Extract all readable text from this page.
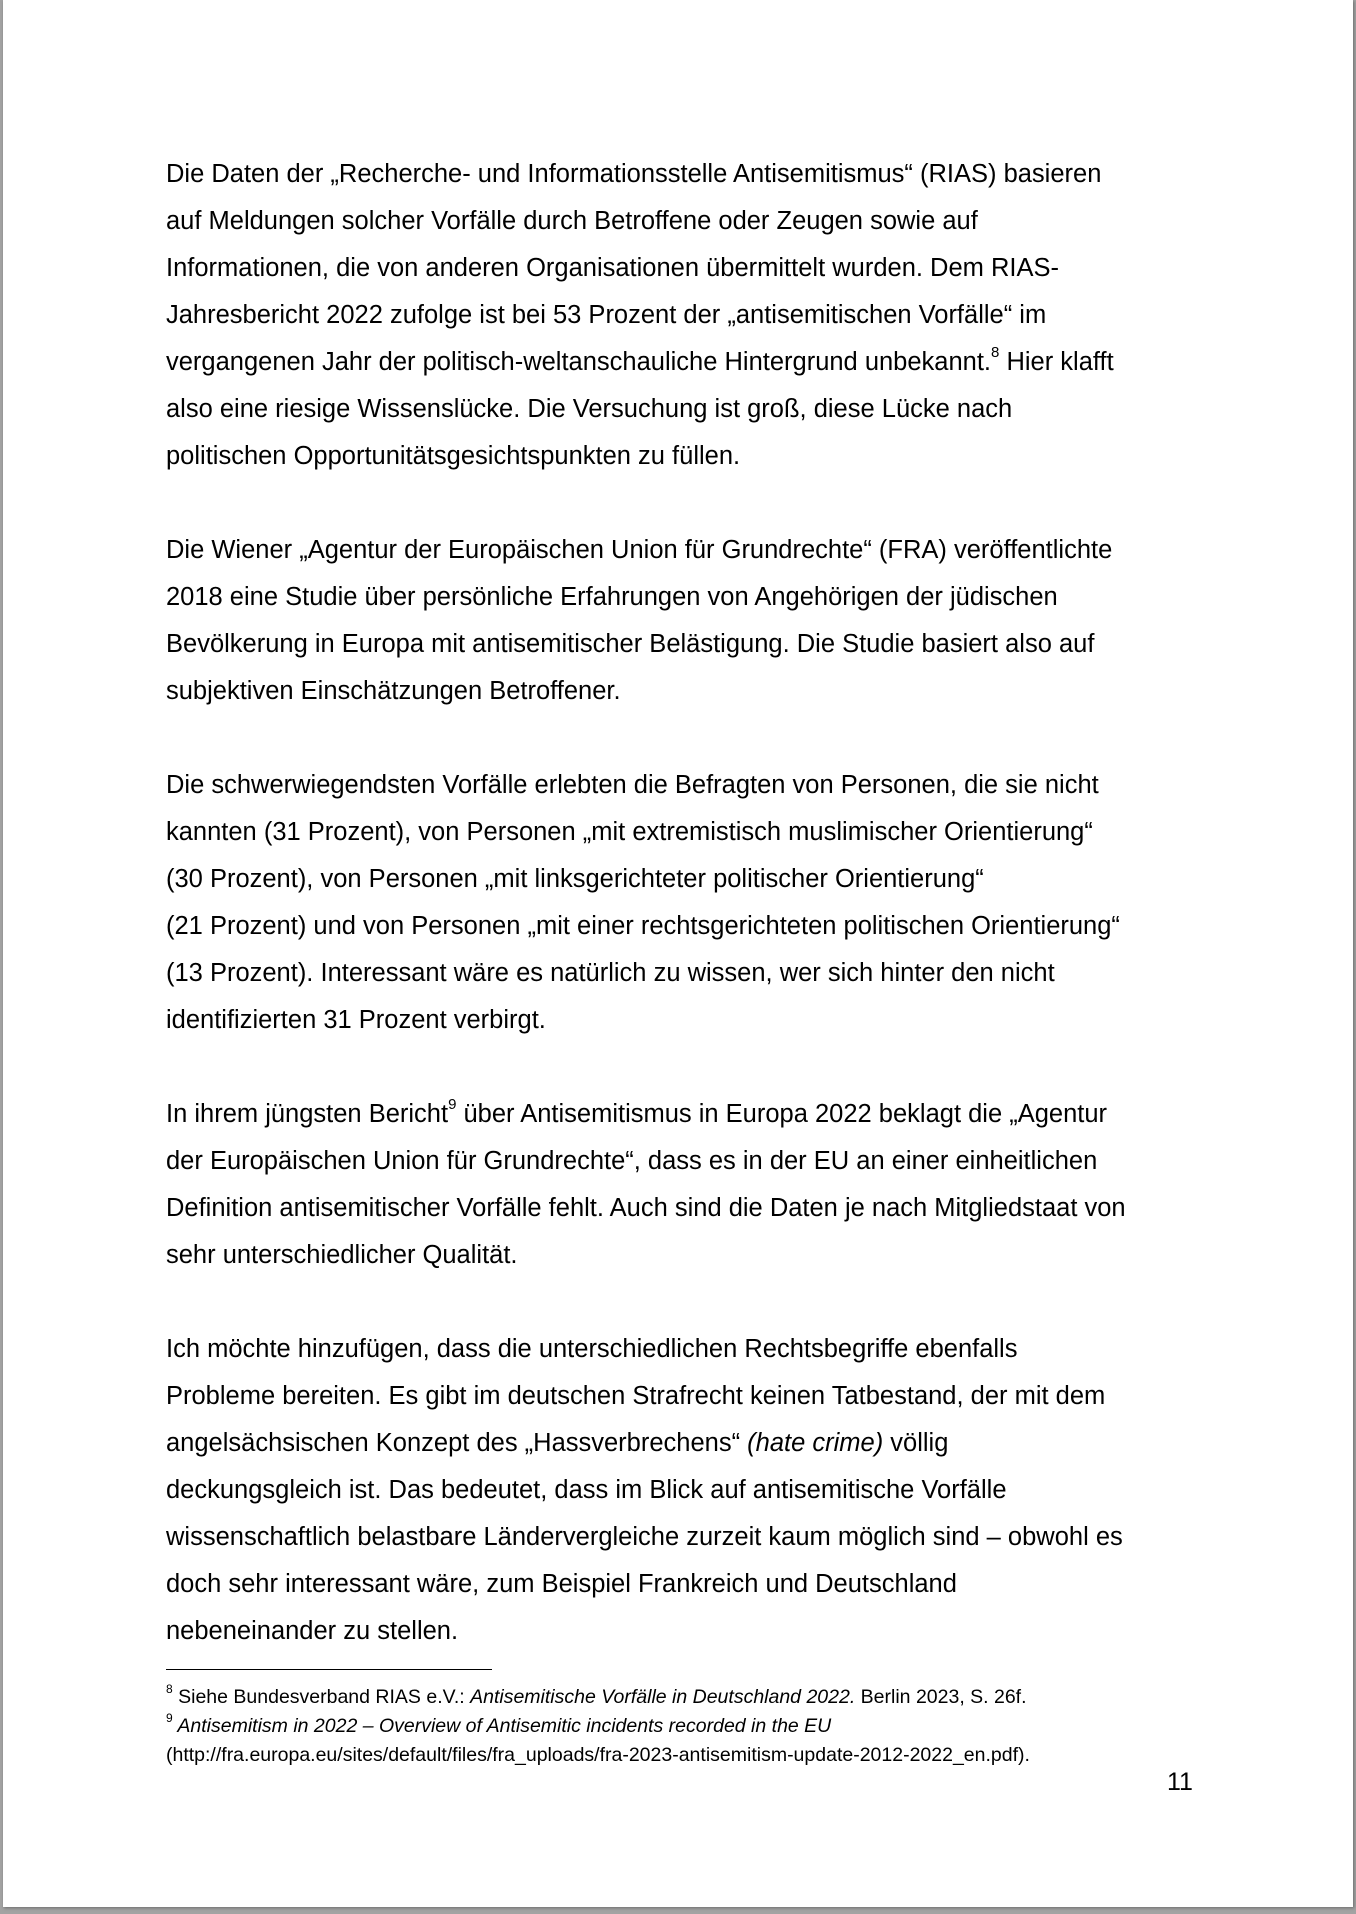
Die Daten der „Recherche- und Informationsstelle Antisemitismus“ (RIAS) basieren
auf Meldungen solcher Vorfälle durch Betroffene oder Zeugen sowie auf
Informationen, die von anderen Organisationen übermittelt wurden. Dem RIAS-
Jahresbericht 2022 zufolge ist bei 53 Prozent der „antisemitischen Vorfälle“ im
vergangenen Jahr der politisch-weltanschauliche Hintergrund unbekannt.$^8$ Hier klafft
also eine riesige Wissenslücke. Die Versuchung ist groß, diese Lücke nach
politischen Opportunitätsgesichtspunkten zu füllen.

Die Wiener „Agentur der Europäischen Union für Grundrechte“ (FRA) veröffentlichte
2018 eine Studie über persönliche Erfahrungen von Angehörigen der jüdischen
Bevölkerung in Europa mit antisemitischer Belästigung. Die Studie basiert also auf
subjektiven Einschätzungen Betroffener.

Die schwerwiegendsten Vorfälle erlebten die Befragten von Personen, die sie nicht
kannten (31 Prozent), von Personen „mit extremistisch muslimischer Orientierung“
(30 Prozent), von Personen „mit linksgerichteter politischer Orientierung“
(21 Prozent) und von Personen „mit einer rechtsgerichteten politischen Orientierung“
(13 Prozent). Interessant wäre es natürlich zu wissen, wer sich hinter den nicht
identifizierten 31 Prozent verbirgt.

In ihrem jüngsten Bericht$^9$ über Antisemitismus in Europa 2022 beklagt die „Agentur
der Europäischen Union für Grundrechte“, dass es in der EU an einer einheitlichen
Definition antisemitischer Vorfälle fehlt. Auch sind die Daten je nach Mitgliedstaat von
sehr unterschiedlicher Qualität.

Ich möchte hinzufügen, dass die unterschiedlichen Rechtsbegriffe ebenfalls
Probleme bereiten. Es gibt im deutschen Strafrecht keinen Tatbestand, der mit dem
angelsächsischen Konzept des „Hassverbrechens“ (hate crime) völlig
deckungsgleich ist. Das bedeutet, dass im Blick auf antisemitische Vorfälle
wissenschaftlich belastbare Ländervergleiche zurzeit kaum möglich sind – obwohl es
doch sehr interessant wäre, zum Beispiel Frankreich und Deutschland
nebeneinander zu stellen.

$^8$ Siehe Bundesverband RIAS e.V.: Antisemitische Vorfälle in Deutschland 2022. Berlin 2023, S. 26f.
$^9$ Antisemitism in 2022 – Overview of Antisemitic incidents recorded in the EU
(http://fra.europa.eu/sites/default/files/fra_uploads/fra-2023-antisemitism-update-2012-2022_en.pdf).
11
